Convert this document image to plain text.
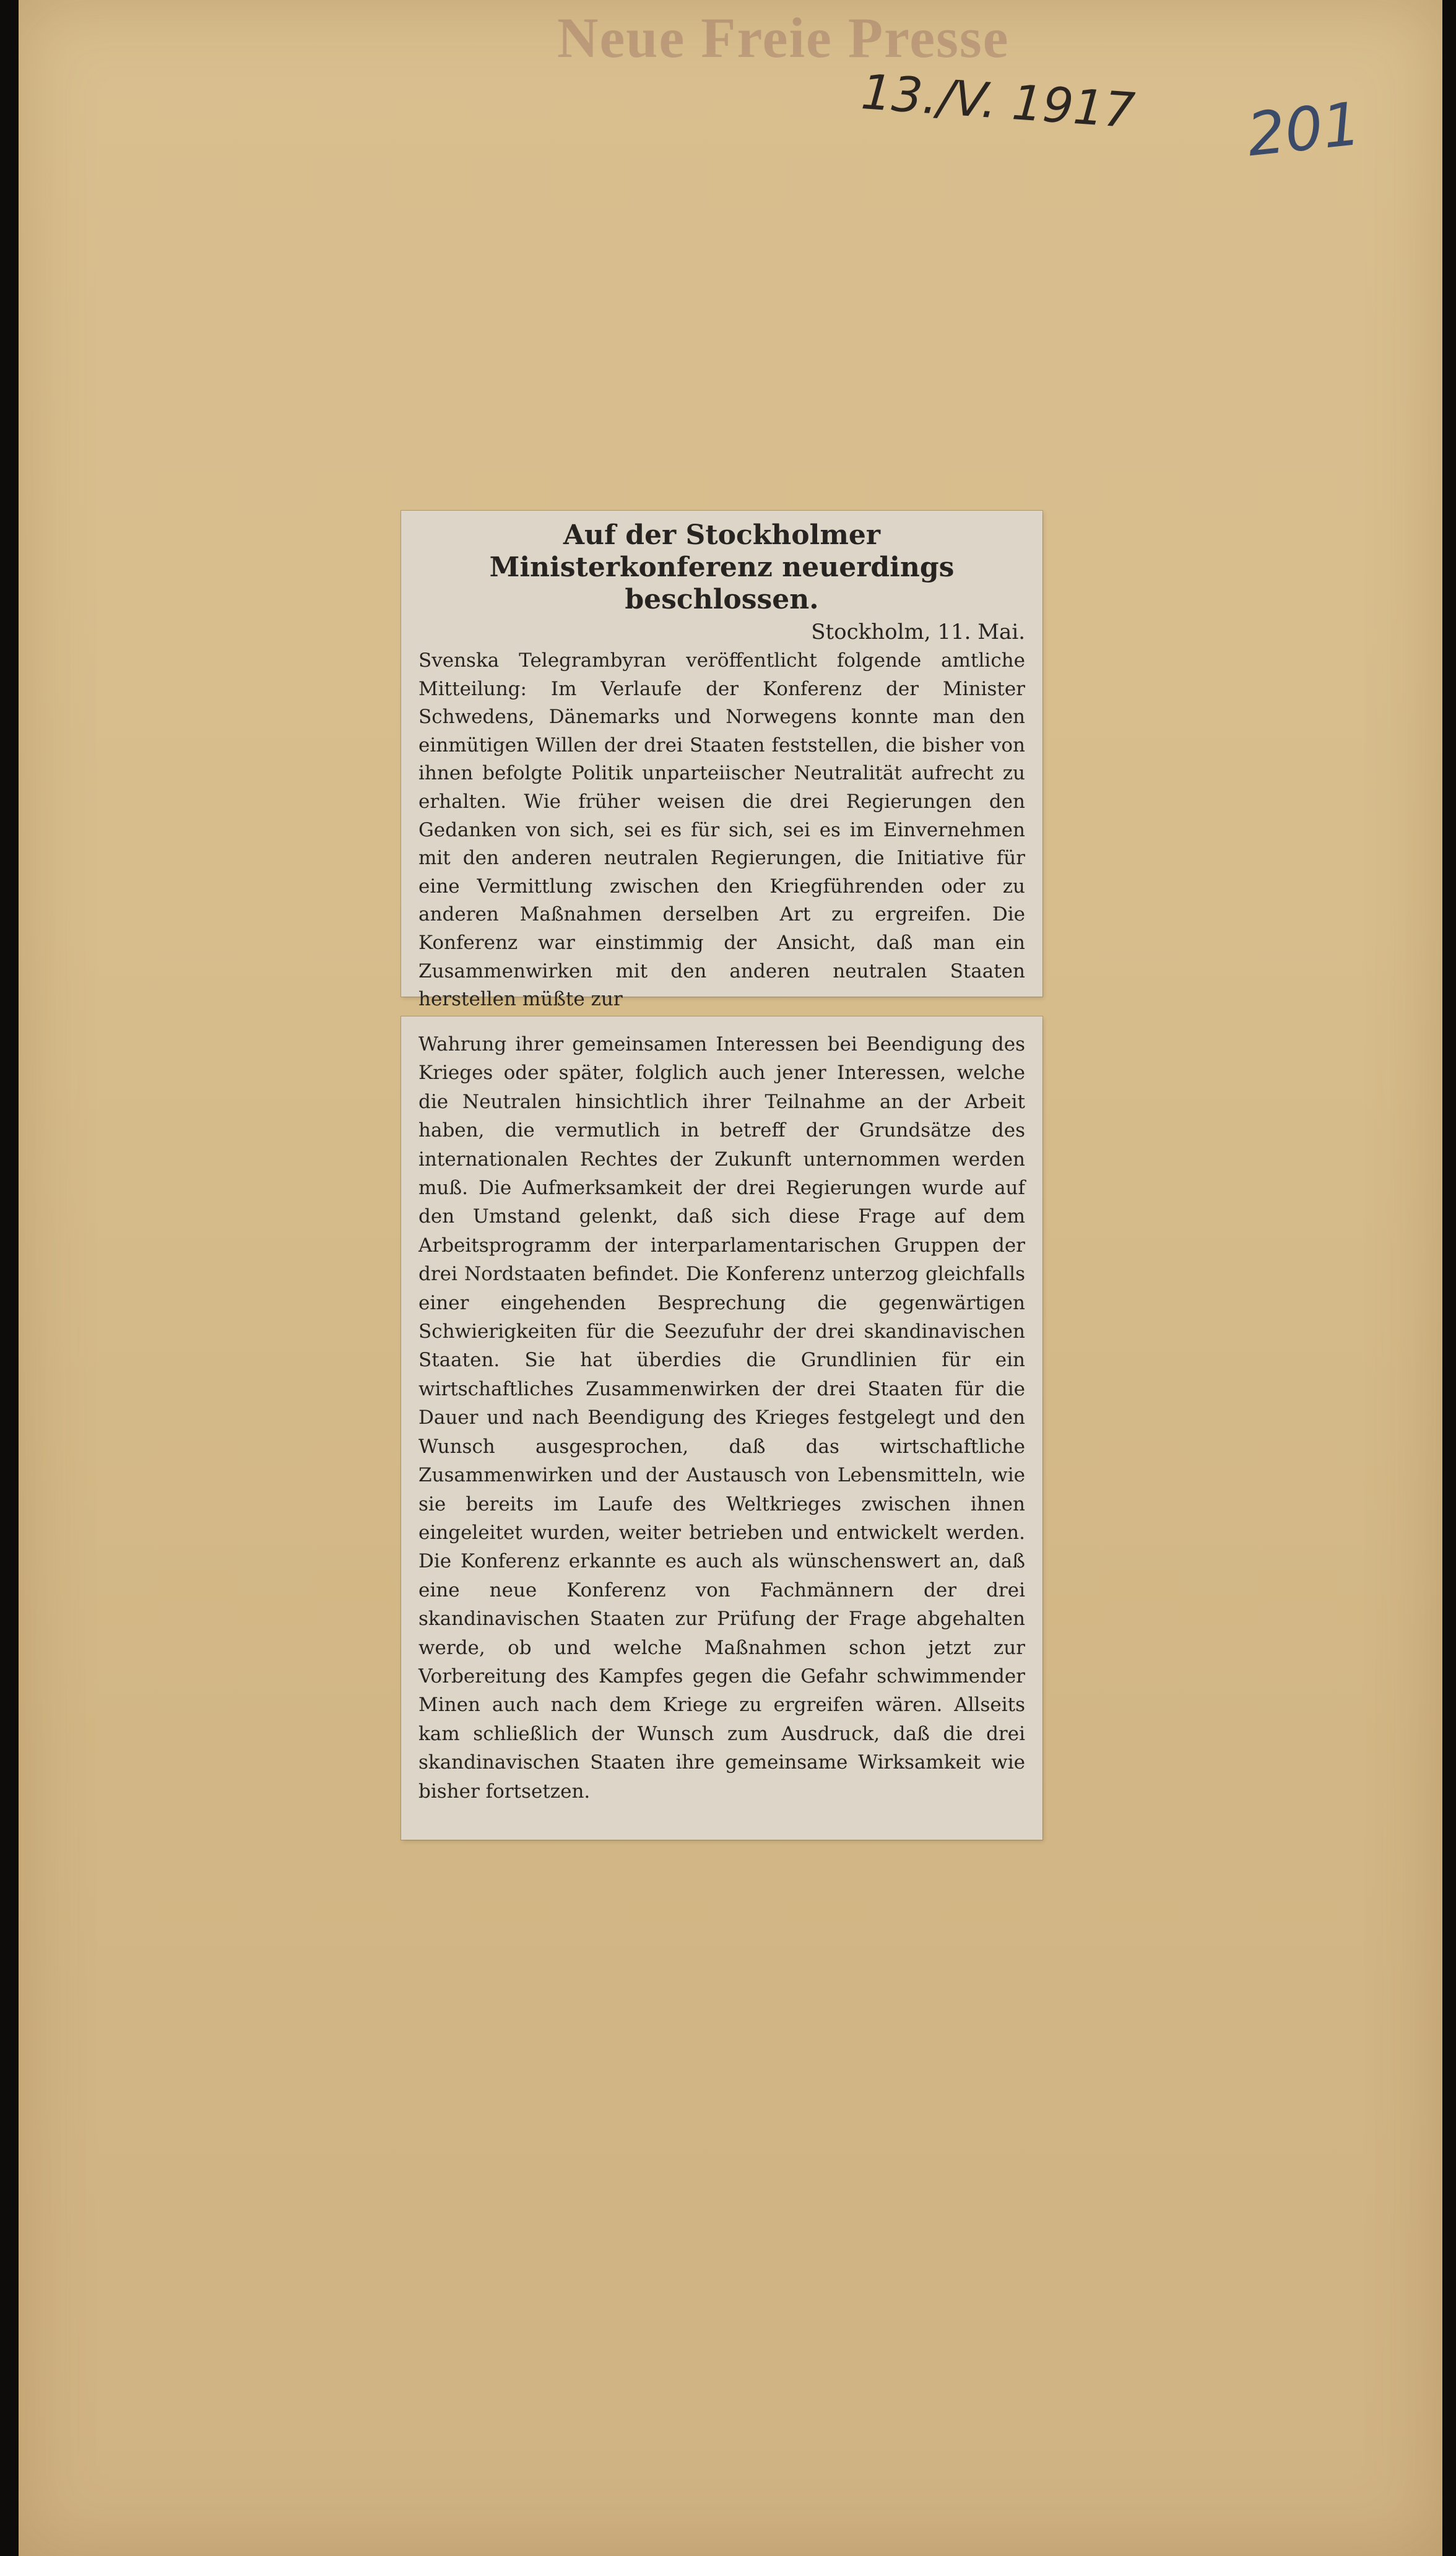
Neue Freie Presse
13./V. 1917 201
Auf der Stockholmer Ministerkonferenz neuerdings beschlossen.
Stockholm, 11. Mai.

Svenska Telegrambyran veröffentlicht folgende amtliche Mitteilung: Im Verlaufe der Konferenz der Minister Schwedens, Dänemarks und Norwegens konnte man den einmütigen Willen der drei Staaten feststellen, die bisher von ihnen befolgte Politik unparteiischer Neutralität aufrecht zu erhalten. Wie früher weisen die drei Regierungen den Gedanken von sich, sei es für sich, sei es im Einvernehmen mit den anderen neutralen Regierungen, die Initiative für eine Vermittlung zwischen den Kriegführenden oder zu anderen Maßnahmen derselben Art zu ergreifen. Die Konferenz war einstimmig der Ansicht, daß man ein Zusammenwirken mit den anderen neutralen Staaten herstellen müßte zur

Wahrung ihrer gemeinsamen Interessen bei Beendigung des Krieges oder später, folglich auch jener Interessen, welche die Neutralen hinsichtlich ihrer Teilnahme an der Arbeit haben, die vermutlich in betreff der Grundsätze des internationalen Rechtes der Zukunft unternommen werden muß. Die Aufmerksamkeit der drei Regierungen wurde auf den Umstand gelenkt, daß sich diese Frage auf dem Arbeitsprogramm der interparlamentarischen Gruppen der drei Nordstaaten befindet. Die Konferenz unterzog gleichfalls einer eingehenden Besprechung die gegenwärtigen Schwierigkeiten für die Seezufuhr der drei skandinavischen Staaten. Sie hat überdies die Grundlinien für ein wirtschaftliches Zusammenwirken der drei Staaten für die Dauer und nach Beendigung des Krieges festgelegt und den Wunsch ausgesprochen, daß das wirtschaftliche Zusammenwirken und der Austausch von Lebensmitteln, wie sie bereits im Laufe des Weltkrieges zwischen ihnen eingeleitet wurden, weiter betrieben und entwickelt werden. Die Konferenz erkannte es auch als wünschenswert an, daß eine neue Konferenz von Fachmännern der drei skandinavischen Staaten zur Prüfung der Frage abgehalten werde, ob und welche Maßnahmen schon jetzt zur Vorbereitung des Kampfes gegen die Gefahr schwimmender Minen auch nach dem Kriege zu ergreifen wären. Allseits kam schließlich der Wunsch zum Ausdruck, daß die drei skandinavischen Staaten ihre gemeinsame Wirksamkeit wie bisher fortsetzen.
